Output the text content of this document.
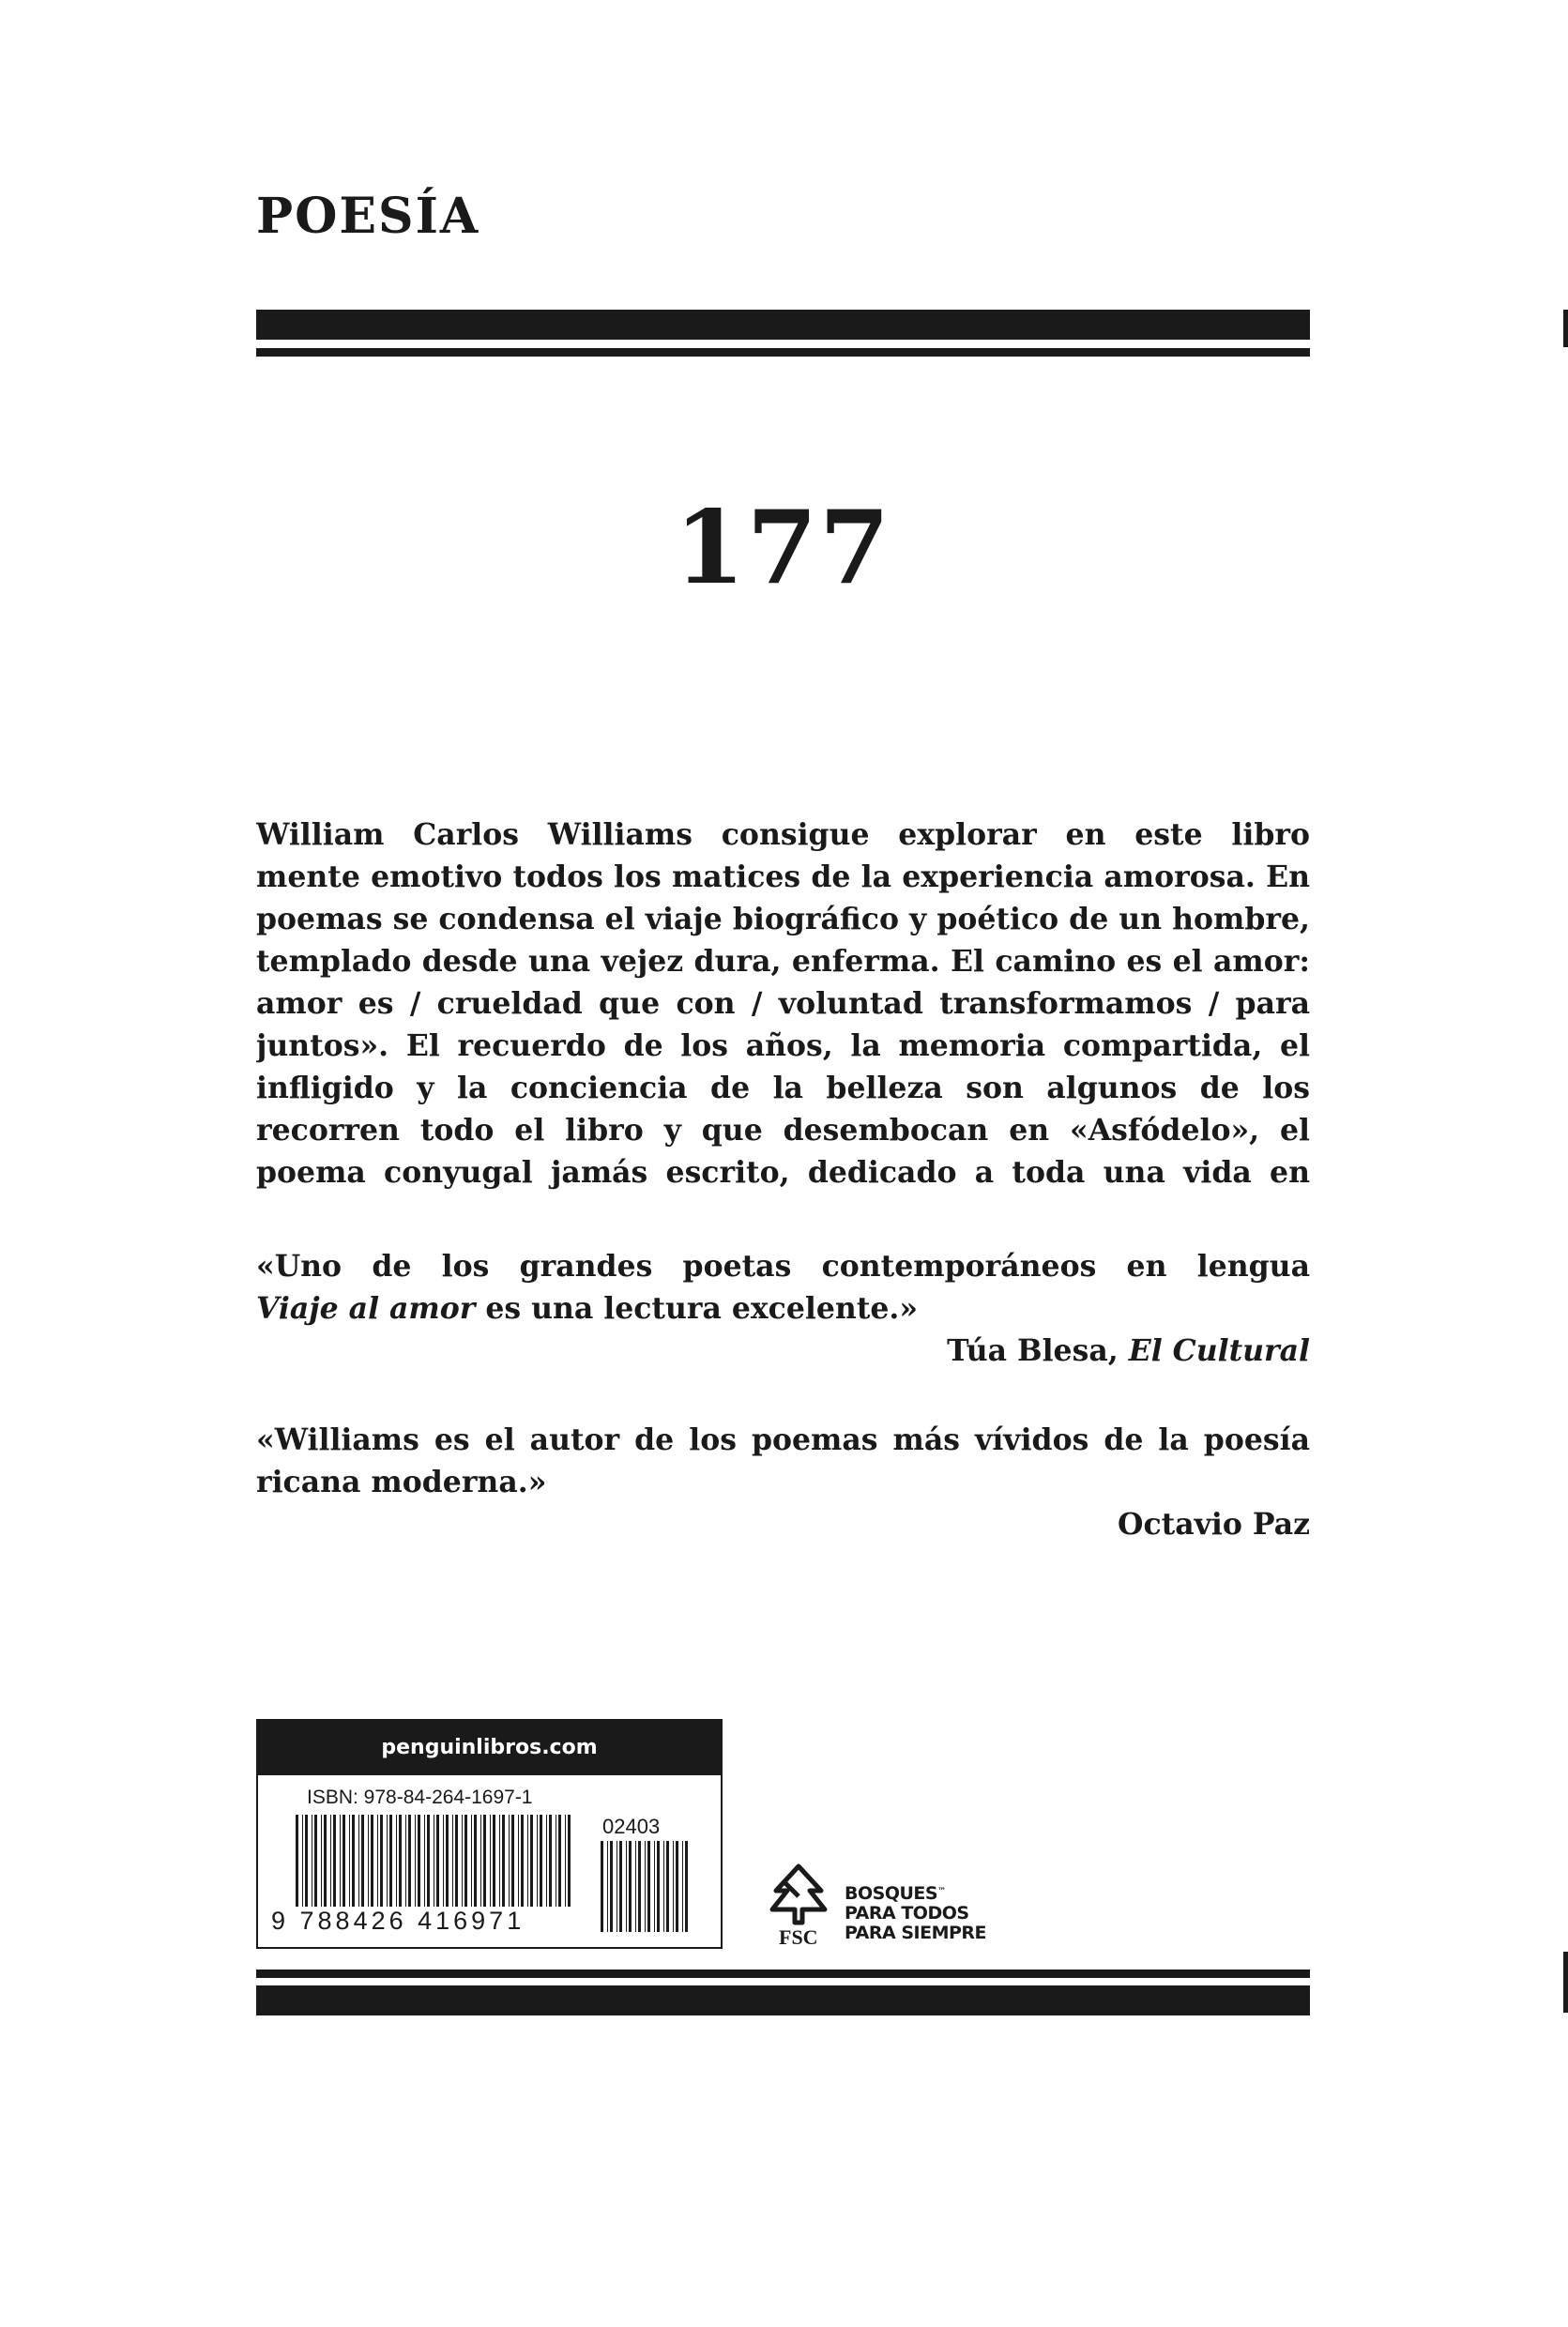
POESÍA
177
William Carlos Williams consigue explorar en este libro
mente emotivo todos los matices de la experiencia amorosa. En
poemas se condensa el viaje biográfico y poético de un hombre,
templado desde una vejez dura, enferma. El camino es el amor:
amor es / crueldad que con / voluntad transformamos / para
juntos». El recuerdo de los años, la memoria compartida, el
infligido y la conciencia de la belleza son algunos de los
recorren todo el libro y que desembocan en «Asfódelo», el
poema conyugal jamás escrito, dedicado a toda una vida en
«Uno de los grandes poetas contemporáneos en lengua
Viaje al amor es una lectura excelente.»
Túa Blesa, El Cultural
«Williams es el autor de los poemas más vívidos de la poesía
ricana moderna.»
Octavio Paz
penguinlibros.com
ISBN: 978-84-264-1697-1
02403
9 788426 416971
BOSQUES™
PARA TODOS
PARA SIEMPRE
FSC
